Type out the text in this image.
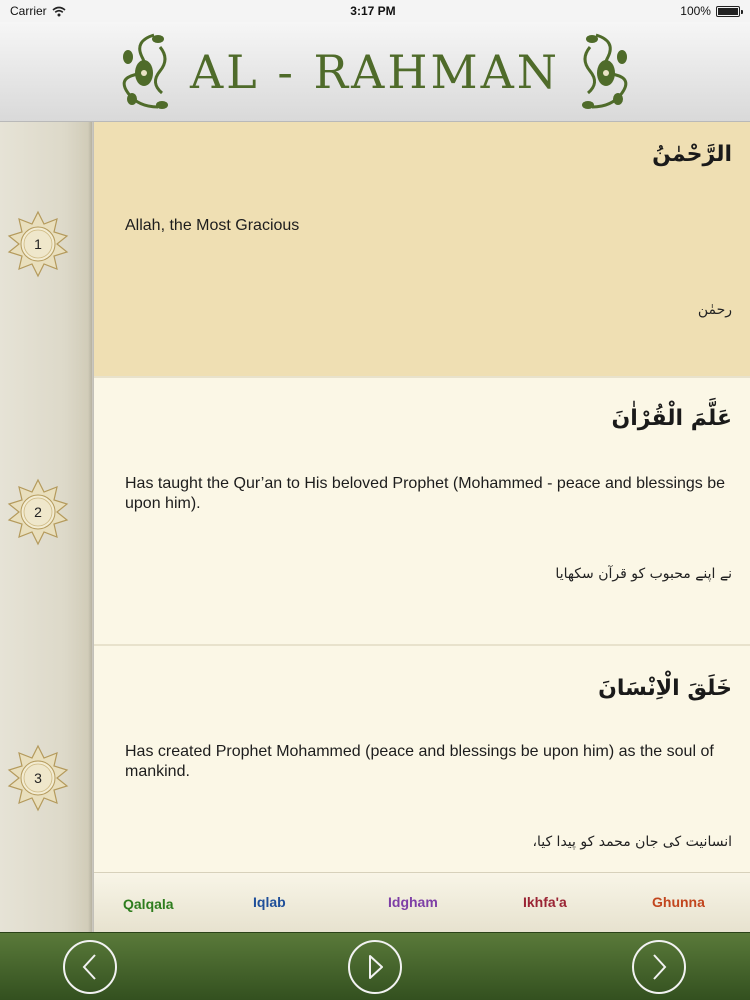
Carrier	3:17 PM	100%
AL - RAHMAN
الرَّحْمٰنُ
Allah, the Most Gracious
رحمٰن
عَلَّمَ الْقُرْاٰنَ
Has taught the Qur’an to His beloved Prophet (Mohammed - peace and blessings be upon him).
نے اپنے محبوب کو قرآن سکھایا
خَلَقَ الْاِنْسَانَ
Has created Prophet Mohammed (peace and blessings be upon him) as the soul of mankind.
انسانیت کی جان محمد کو پیدا کیا،
1
2
3
Qalqala	Iqlab	Idgham	Ikhfa'a	Ghunna
